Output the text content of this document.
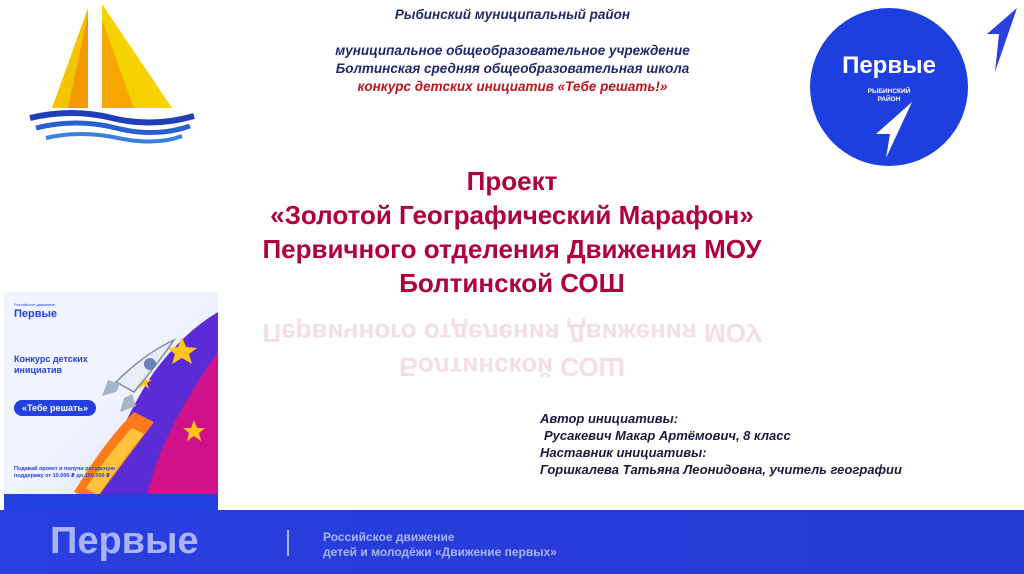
Рыбинский муниципальный район
муниципальное общеобразовательное учреждение
Болтинская средняя общеобразовательная школа
конкурс детских инициатив «Тебе решать!»
Первые
РЫБИНСКИЙ
РАЙОН
Проект
«Золотой Географический Марафон»
Первичного отделения Движения МОУ
Болтинской СОШ
Болтинской СОШ
Первичного отделения Движения МОУ
Российское движение
Первые
Конкурс детских инициатив
«Тебе решать»
Подавай проект и получи ресурсную поддержку от 10.000 ₽ до 150.000 ₽
Автор инициативы:
Русакевич Макар Артёмович, 8 класс
Наставник инициативы:
Горшкалева Татьяна Леонидовна, учитель географии
Первые	Российское движение
детей и молодёжи «Движение первых»
